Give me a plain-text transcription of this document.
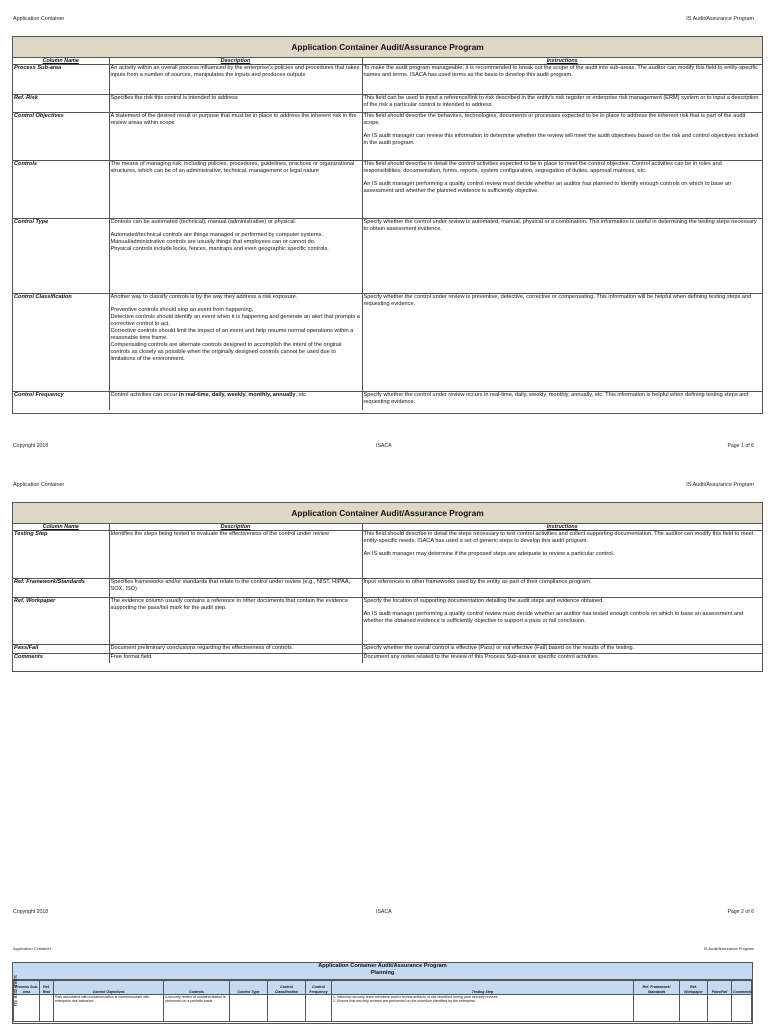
Application Container	IS Audit/Assurance Program
Application Container Audit/Assurance Program
Column Name	Description	Instructions
Process Sub-area	An activity within an overall process influenced by the enterprise's policies and procedures that takes inputs from a number of sources, manipulates the inputs and produces outputs	To make the audit program manageable, it is recommended to break out the scope of the audit into sub-areas. The auditor can modify this field to entity-specific names and terms. ISACA has used terms as the basis to develop this audit program.

Ref. Risk	Specifies the risk this control is intended to address	This field can be used to input a reference/link to risk described in the entity's risk register or enterprise risk management (ERM) system or to input a description of the risk a particular control is intended to address.

Control Objectives	A statement of the desired result or purpose that must be in place to address the inherent risk in the review areas within scope	This field should describe the behaviors, technologies, documents or processes expected to be in place to address the inherent risk that is part of the audit scope.

An IS audit manager can review this information to determine whether the review will meet the audit objectives based on the risk and control objectives included in the audit program.

Controls	The means of managing risk, including policies, procedures, guidelines, practices or organizational structures, which can be of an administrative, technical, management or legal nature	This field should describe in detail the control activities expected to be in place to meet the control objective. Control activities can be in roles and responsibilities, documentation, forms, reports, system configuration, segregation of duties, approval matrices, etc.

An IS audit manager performing a quality control review must decide whether an auditor has planned to identify enough controls on which to base an assessment and whether the planned evidence is sufficiently objective.

Control Type	Controls can be automated (technical), manual (administrative) or physical.

Automated/technical controls are things managed or performed by computer systems.

Manual/administrative controls are usually things that employees can or cannot do.

Physical controls include locks, fences, mantraps and even geographic specific controls.	Specify whether the control under review is automated, manual, physical or a combination. This information is useful in determining the testing steps necessary to obtain assessment evidence.

Control Classification	Another way to classify controls is by the way they address a risk exposure.

Preventive controls should stop an event from happening.

Detective controls should identify an event when it is happening and generate an alert that prompts a corrective control to act.

Corrective controls should limit the impact of an event and help resume normal operations within a reasonable time frame.

Compensating controls are alternate controls designed to accomplish the intent of the original controls as closely as possible when the originally designed controls cannot be used due to limitations of the environment.	Specify whether the control under review is preventive, detective, corrective or compensating. This information will be helpful when defining testing steps and requesting evidence.

Control Frequency	Control activities can occur in real-time, daily, weekly, monthly, annually, etc.	Specify whether the control under review occurs in real-time, daily, weekly, monthly, annually, etc. This information is helpful when defining testing steps and requesting evidence.

Copyright 2018	ISACA	Page 1 of 6
Application Container	IS Audit/Assurance Program
Application Container Audit/Assurance Program
Column Name	Description	Instructions
Testing Step	Identifies the steps being tested to evaluate the effectiveness of the control under review	This field should describe in detail the steps necessary to test control activities and collect supporting documentation. The auditor can modify this field to meet entity-specific needs. ISACA has used a set of generic steps to develop this audit program.

An IS audit manager may determine if the proposed steps are adequate to review a particular control.

Ref. Framework/Standards	Specifies frameworks and/or standards that relate to the control under review (e.g., NIST, HIPAA, SOX, ISO)	Input references to other frameworks used by the entity as part of their compliance program.

Ref. Workpaper	The evidence column usually contains a reference to other documents that contain the evidence supporting the pass/fail mark for the audit step.	Specify the location of supporting documentation detailing the audit steps and evidence obtained.

An IS audit manager performing a quality control review must decide whether an auditor has tested enough controls on which to base an assessment and whether the obtained evidence is sufficiently objective to support a pass or fail conclusion.

Pass/Fail	Document preliminary conclusions regarding the effectiveness of controls.	Specify whether the overall control is effective (Pass) or not effective (Fail) based on the results of the testing.

Comments	Free format field	Document any notes related to the review of this Process Sub-area or specific control activities.

Copyright 2018	ISACA	Page 2 of 6
Application Container	IS Audit/Assurance Program
Application Container Audit/Assurance Program
Planning
Process Sub-area	Ref. Risk	Control Objectives	Controls	Control Type	Control Classification	Control Frequency	Testing Step	Ref. Framework/ Standards	Ref. Workpaper	Pass/Fail	Comments
		Risk associated with containerization is commensurate with enterprise risk tolerance.	A security review of containerization is performed on a periodic basis.				1. Interview security team members and/or review artifacts of risk identified during prior security reviews.
2. Ensure that security reviews are performed on the schedule identified by the enterprise				

ns and ment
